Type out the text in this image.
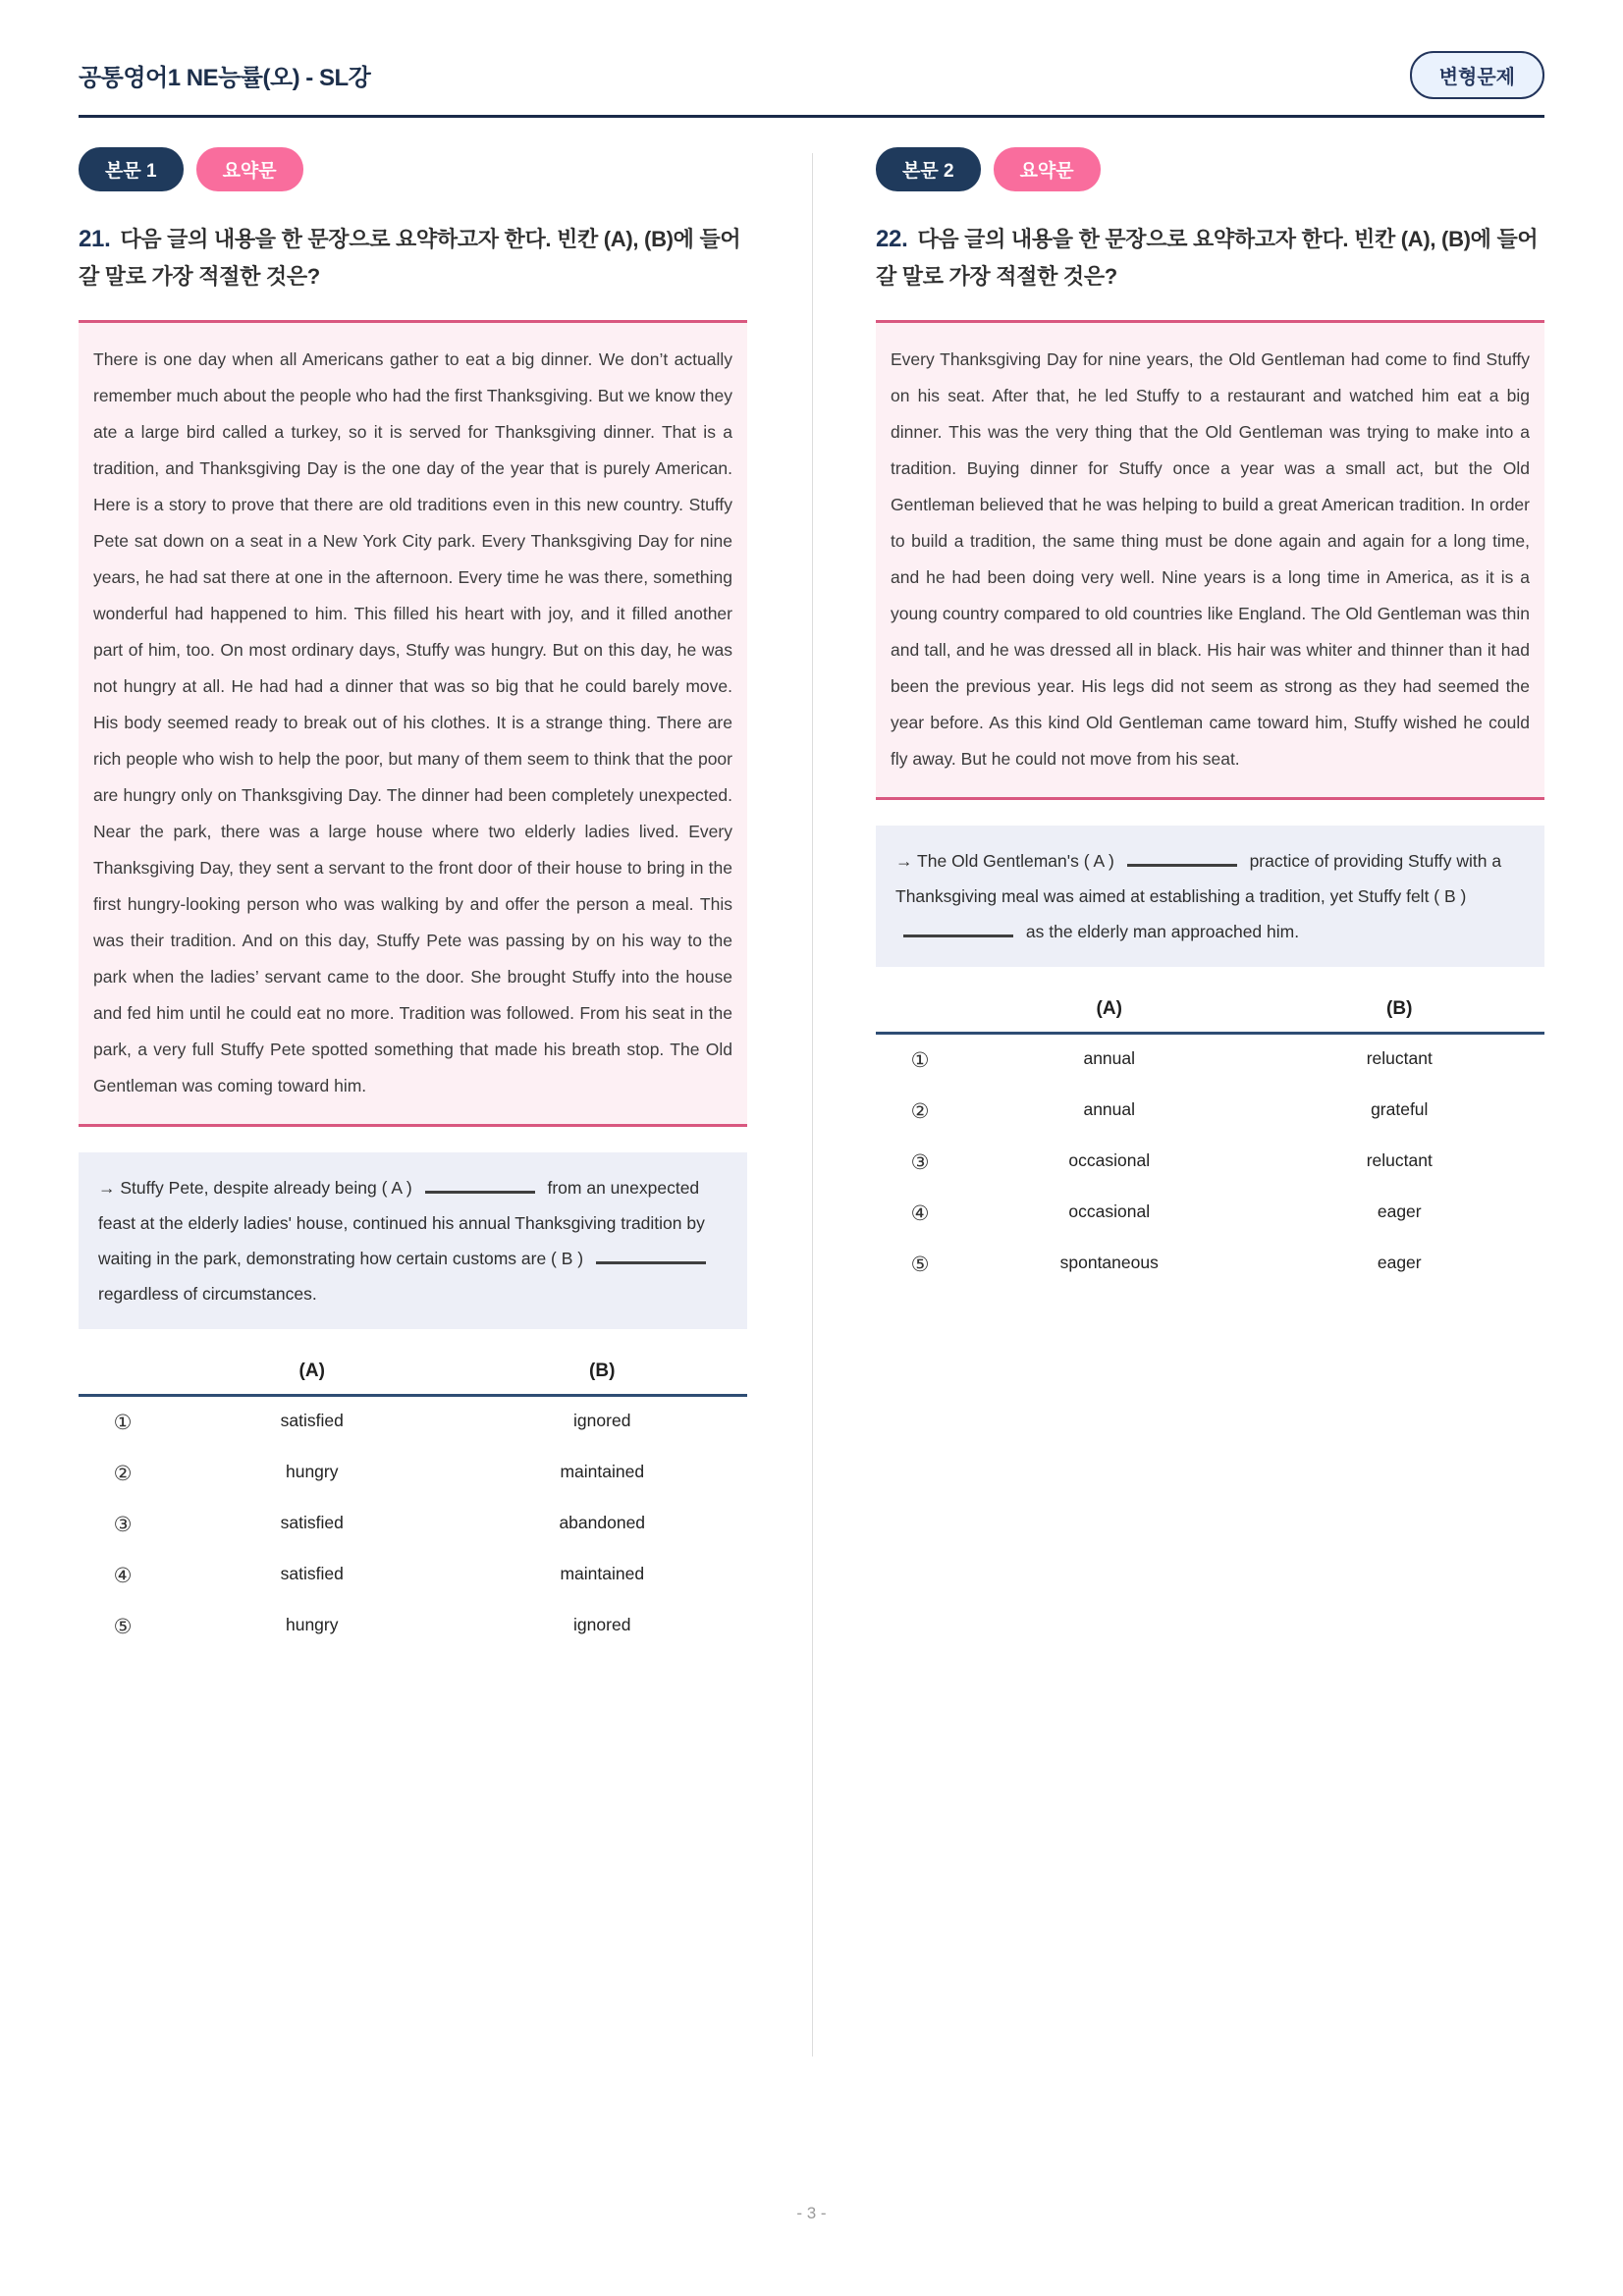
공통영어1 NE능률(오) - SL강	변형문제
본문 1	요약문
21. 다음 글의 내용을 한 문장으로 요약하고자 한다. 빈칸 (A), (B)에 들어갈 말로 가장 적절한 것은?

There is one day when all Americans gather to eat a big dinner. We don’t actually remember much about the people who had the first Thanksgiving. But we know they ate a large bird called a turkey, so it is served for Thanksgiving dinner. That is a tradition, and Thanksgiving Day is the one day of the year that is purely American. Here is a story to prove that there are old traditions even in this new country. Stuffy Pete sat down on a seat in a New York City park. Every Thanksgiving Day for nine years, he had sat there at one in the afternoon. Every time he was there, something wonderful had happened to him. This filled his heart with joy, and it filled another part of him, too. On most ordinary days, Stuffy was hungry. But on this day, he was not hungry at all. He had had a dinner that was so big that he could barely move. His body seemed ready to break out of his clothes. It is a strange thing. There are rich people who wish to help the poor, but many of them seem to think that the poor are hungry only on Thanksgiving Day. The dinner had been completely unexpected. Near the park, there was a large house where two elderly ladies lived. Every Thanksgiving Day, they sent a servant to the front door of their house to bring in the first hungry-looking person who was walking by and offer the person a meal. This was their tradition. And on this day, Stuffy Pete was passing by on his way to the park when the ladies’ servant came to the door. She brought Stuffy into the house and fed him until he could eat no more. Tradition was followed. From his seat in the park, a very full Stuffy Pete spotted something that made his breath stop. The Old Gentleman was coming toward him.

→ Stuffy Pete, despite already being ( A )	from an unexpected feast at the elderly ladies' house, continued his annual Thanksgiving tradition by waiting in the park, demonstrating how certain customs are ( B )  regardless of circumstances.

(A)	(B)
①	satisfied	ignored
②	hungry	maintained
③	satisfied	abandoned
④	satisfied	maintained
⑤	hungry	ignored
본문 2	요약문
22. 다음 글의 내용을 한 문장으로 요약하고자 한다. 빈칸 (A), (B)에 들어갈 말로 가장 적절한 것은?

Every Thanksgiving Day for nine years, the Old Gentleman had come to find Stuffy on his seat. After that, he led Stuffy to a restaurant and watched him eat a big dinner. This was the very thing that the Old Gentleman was trying to make into a tradition. Buying dinner for Stuffy once a year was a small act, but the Old Gentleman believed that he was helping to build a great American tradition. In order to build a tradition, the same thing must be done again and again for a long time, and he had been doing very well. Nine years is a long time in America, as it is a young country compared to old countries like England. The Old Gentleman was thin and tall, and he was dressed all in black. His hair was whiter and thinner than it had been the previous year. His legs did not seem as strong as they had seemed the year before. As this kind Old Gentleman came toward him, Stuffy wished he could fly away. But he could not move from his seat.

→ The Old Gentleman's ( A )	practice of providing Stuffy with a Thanksgiving meal was aimed at establishing a tradition, yet Stuffy felt ( B )  as the elderly man approached him.

(A)	(B)
①	annual	reluctant
②	annual	grateful
③	occasional	reluctant
④	occasional	eager
⑤	spontaneous	eager
- 3 -
